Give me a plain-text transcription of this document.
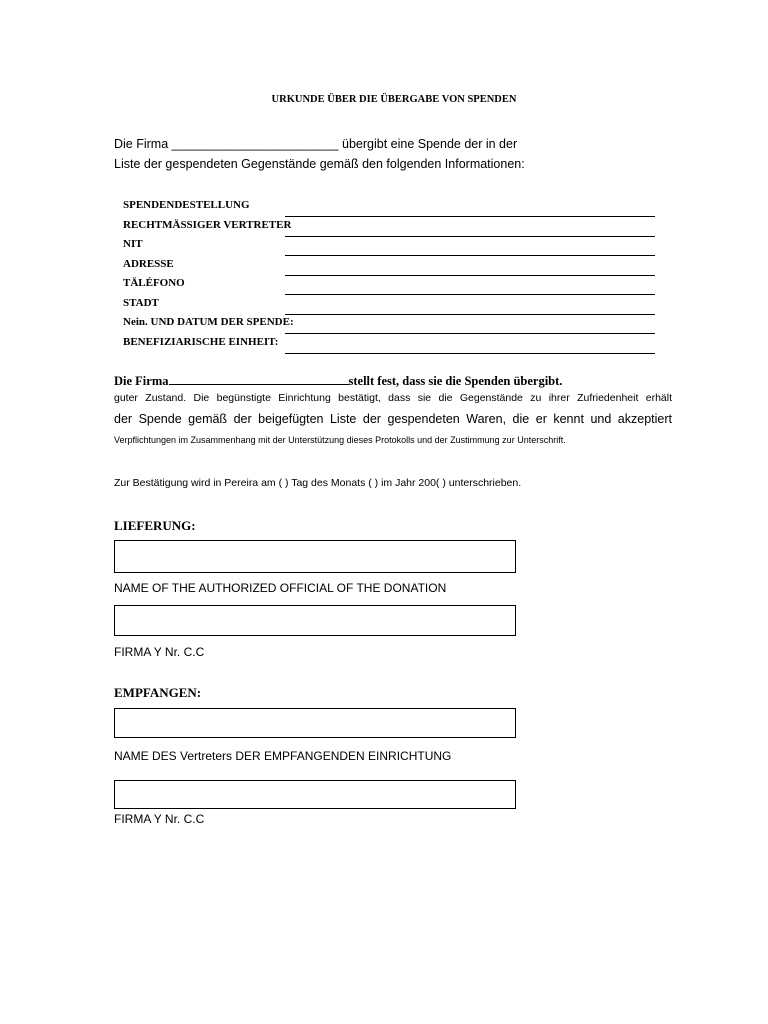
URKUNDE ÜBER DIE ÜBERGABE VON SPENDEN
Die Firma ________________________ übergibt eine Spende der in der
Liste der gespendeten Gegenstände gemäß den folgenden Informationen:
SPENDENDESTELLUNG
RECHTMÄSSIGER VERTRETER
NIT
ADRESSE
TÄLÉFONO
STADT
Nein. UND DATUM DER SPENDE:
BENEFIZIARISCHE EINHEIT:
Die Firma	stellt fest, dass sie die Spenden übergibt.
guter Zustand. Die begünstigte Einrichtung bestätigt, dass sie die Gegenstände zu ihrer Zufriedenheit erhält
der Spende gemäß der beigefügten Liste der gespendeten Waren, die er kennt und akzeptiert
Verpflichtungen im Zusammenhang mit der Unterstützung dieses Protokolls und der Zustimmung zur Unterschrift.
Zur Bestätigung wird in Pereira am ( ) Tag des Monats ( ) im Jahr 200( ) unterschrieben.
LIEFERUNG:
NAME OF THE AUTHORIZED OFFICIAL OF THE DONATION
FIRMA Y Nr. C.C
EMPFANGEN:
NAME DES Vertreters DER EMPFANGENDEN EINRICHTUNG
FIRMA Y Nr. C.C
